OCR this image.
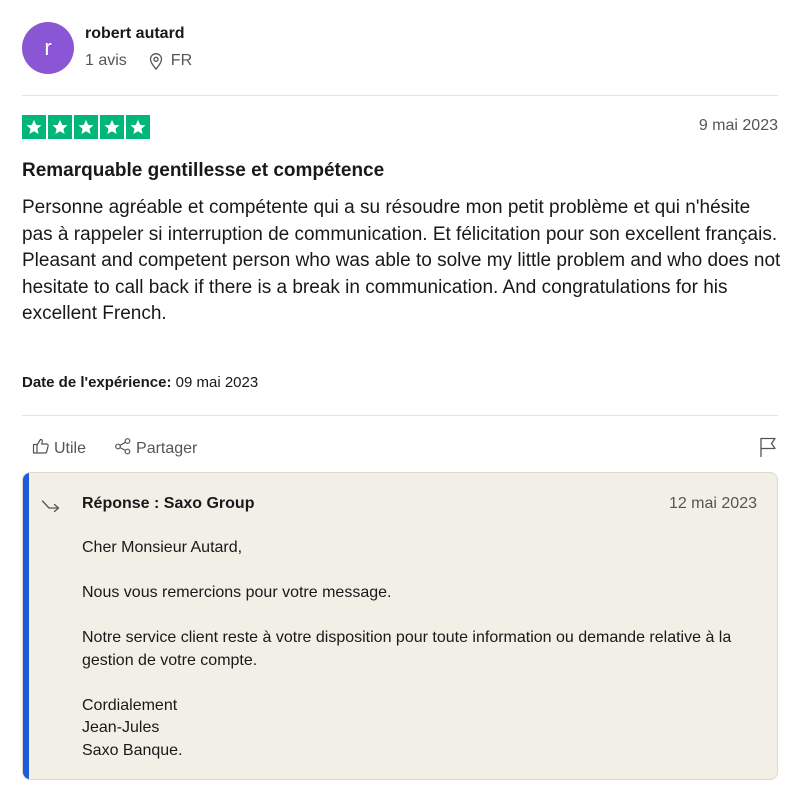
r
robert autard
1 avis	FR
9 mai 2023
Remarquable gentillesse et compétence

Personne agréable et compétente qui a su résoudre mon petit problème et qui n'hésite pas à rappeler si interruption de communication. Et félicitation pour son excellent français.

Pleasant and competent person who was able to solve my little problem and who does not hesitate to call back if there is a break in communication. And congratulations for his excellent French.

Date de l'expérience: 09 mai 2023
Utile	Partager
Réponse : Saxo Group	12 mai 2023

Cher Monsieur Autard,

Nous vous remercions pour votre message.

Notre service client reste à votre disposition pour toute information ou demande relative à la gestion de votre compte.

Cordialement
Jean-Jules
Saxo Banque.
